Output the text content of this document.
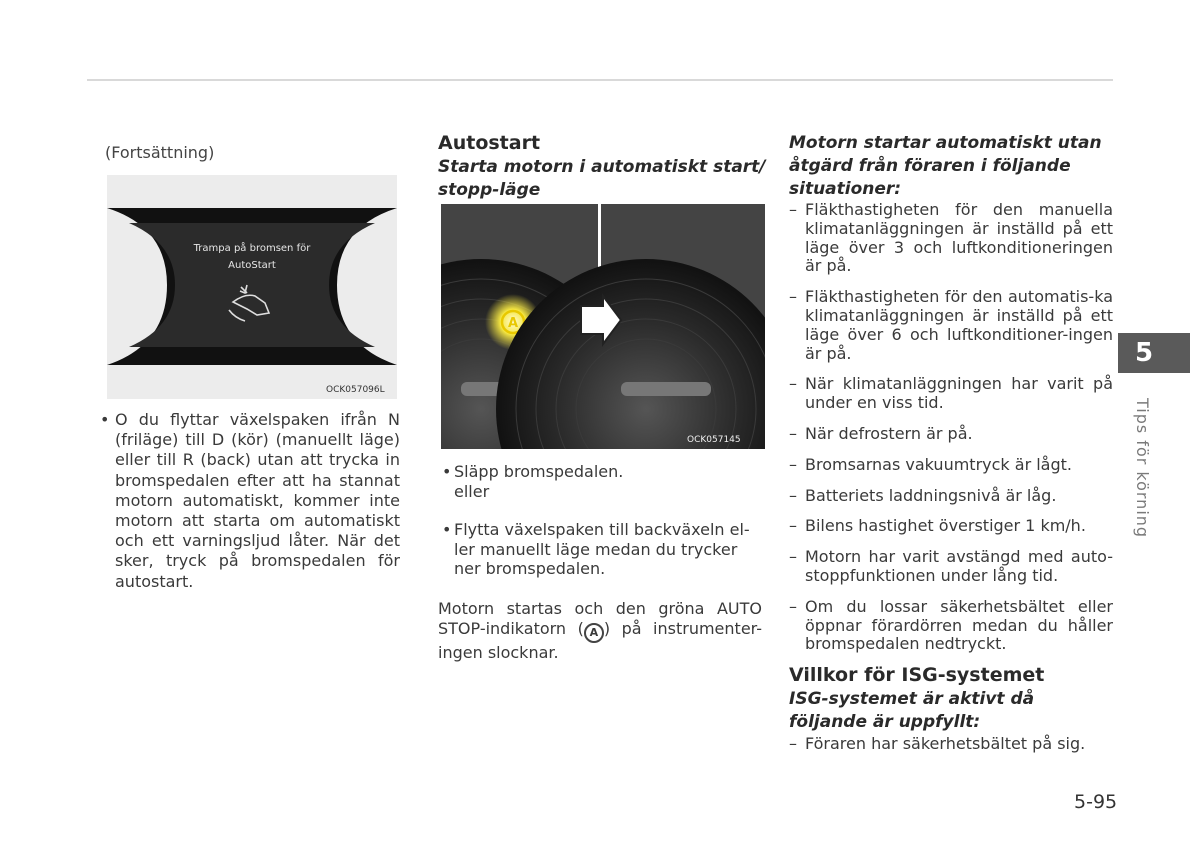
(Fortsättning)
Trampa på bromsen för
AutoStart
OCK057096L
• O du flyttar växelspaken ifrån N (friläge) till D (kör) (manuellt läge) eller till R (back) utan att trycka in bromspedalen efter att ha stannat motorn automatiskt, kommer inte motorn att starta om automatiskt och ett varningsljud låter. När det sker, tryck på bromspedalen för autostart.
Autostart
Starta motorn i automatiskt start/ stopp-läge
A
OCK057145
• Släpp bromspedalen.
eller
• Flytta växelspaken till backväxeln el-ler manuellt läge medan du trycker ner bromspedalen.
Motorn startas och den gröna AUTO STOP-indikatorn ( A ) på instrumenter-ingen slocknar.
Motorn startar automatiskt utan åtgärd från föraren i följande situationer:
– Fläkthastigheten för den manuella klimatanläggningen är inställd på ett läge över 3 och luftkonditioneringen är på.
– Fläkthastigheten för den automatis-ka klimatanläggningen är inställd på ett läge över 6 och luftkonditioner-ingen är på.
– När klimatanläggningen har varit på under en viss tid.
– När defrostern är på.
– Bromsarnas vakuumtryck är lågt.
– Batteriets laddningsnivå är låg.
– Bilens hastighet överstiger 1 km/h.
– Motorn har varit avstängd med auto-stoppfunktionen under lång tid.
– Om du lossar säkerhetsbältet eller öppnar förardörren medan du håller bromspedalen nedtryckt.
Villkor för ISG-systemet
ISG-systemet är aktivt då följande är uppfyllt:
– Föraren har säkerhetsbältet på sig.
5
Tips för körning
5-95
